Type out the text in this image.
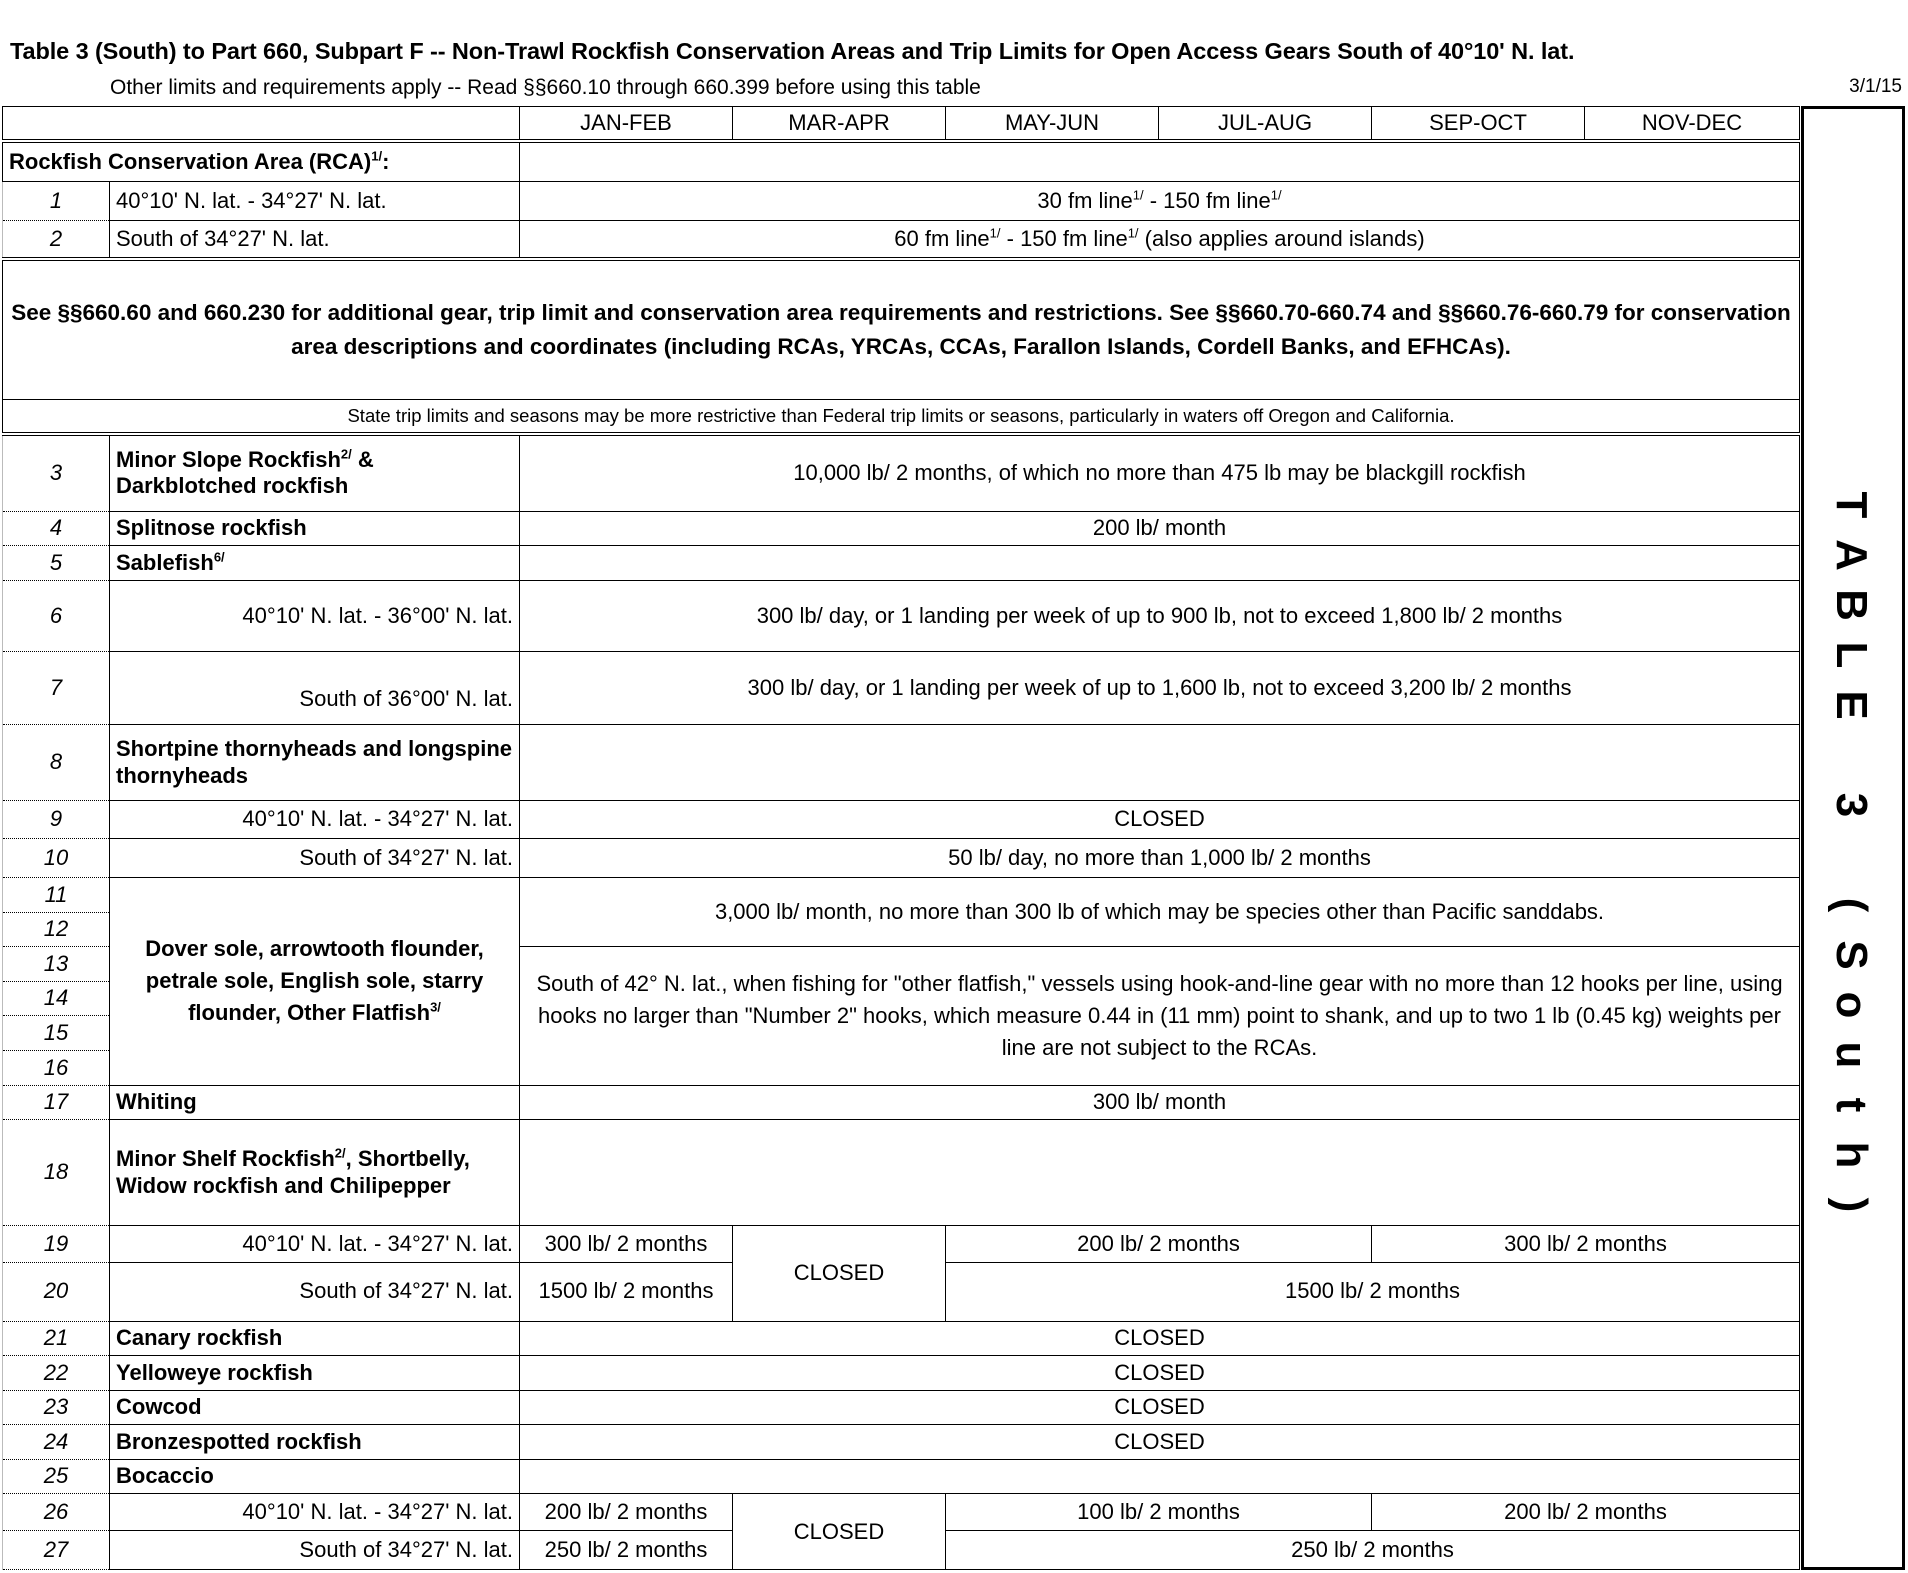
Table 3 (South) to Part 660, Subpart F -- Non-Trawl Rockfish Conservation Areas and Trip Limits for Open Access Gears South of 40°10' N. lat.
Other limits and requirements apply -- Read §§660.10 through 660.399 before using this table	3/1/15
		JAN-FEB	MAR-APR	MAY-JUN	JUL-AUG	SEP-OCT	NOV-DEC
Rockfish Conservation Area (RCA)$^{1/}$:							
1	40°10' N. lat. - 34°27' N. lat.	30 fm line$^{1/}$ - 150 fm line$^{1/}$
2	South of 34°27' N. lat.	60 fm line$^{1/}$ - 150 fm line$^{1/}$ (also applies around islands)					
See §§660.60 and 660.230 for additional gear, trip limit and conservation area requirements and restrictions. See §§660.70-660.74 and §§660.76-660.79 for conservation area descriptions and coordinates (including RCAs, YRCAs, CCAs, Farallon Islands, Cordell Banks, and EFHCAs).							
State trip limits and seasons may be more restrictive than Federal trip limits or seasons, particularly in waters off Oregon and California.							
3	Minor Slope Rockfish$^{2/}$ & Darkblotched rockfish	10,000 lb/ 2 months, of which no more than 475 lb may be blackgill rockfish					
4	Splitnose rockfish	200 lb/ month					
5	Sablefish$^{6/}$	
6	40°10' N. lat. - 36°00' N. lat.	300 lb/ day, or 1 landing per week of up to 900 lb, not to exceed 1,800 lb/ 2 months					
7	South of 36°00' N. lat.	300 lb/ day, or 1 landing per week of up to 1,600 lb, not to exceed 3,200 lb/ 2 months					
8	Shortpine thornyheads and longspine thornyheads						
9	40°10' N. lat. - 34°27' N. lat.	CLOSED					
10	South of 34°27' N. lat.	50 lb/ day, no more than 1,000 lb/ 2 months					
11	Dover sole, arrowtooth flounder, petrale sole, English sole, starry flounder, Other Flatfish$^{3/}$	3,000 lb/ month, no more than 300 lb of which may be species other than Pacific sanddabs.					
12							
13		South of 42° N. lat., when fishing for "other flatfish," vessels using hook-and-line gear with no more than 12 hooks per line, using hooks no larger than "Number 2" hooks, which measure 0.44 in (11 mm) point to shank, and up to two 1 lb (0.45 kg) weights per line are not subject to the RCAs.					
14							
15							
16							
17	Whiting	300 lb/ month					
18	Minor Shelf Rockfish$^{2/}$, Shortbelly, Widow rockfish and Chilipepper						
19	40°10' N. lat. - 34°27' N. lat.	300 lb/ 2 months	CLOSED	200 lb/ 2 months		300 lb/ 2 months	
20	South of 34°27' N. lat.	1500 lb/ 2 months		1500 lb/ 2 months			
21	Canary rockfish	CLOSED					
22	Yelloweye rockfish	CLOSED					
23	Cowcod	CLOSED					
24	Bronzespotted rockfish	CLOSED					
25	Bocaccio						
26	40°10' N. lat. - 34°27' N. lat.	200 lb/ 2 months	CLOSED	100 lb/ 2 months		200 lb/ 2 months	
27	South of 34°27' N. lat.	250 lb/ 2 months		250 lb/ 2 months			
T
A
B
L
E

3

(
S
o
u
t
h
)
